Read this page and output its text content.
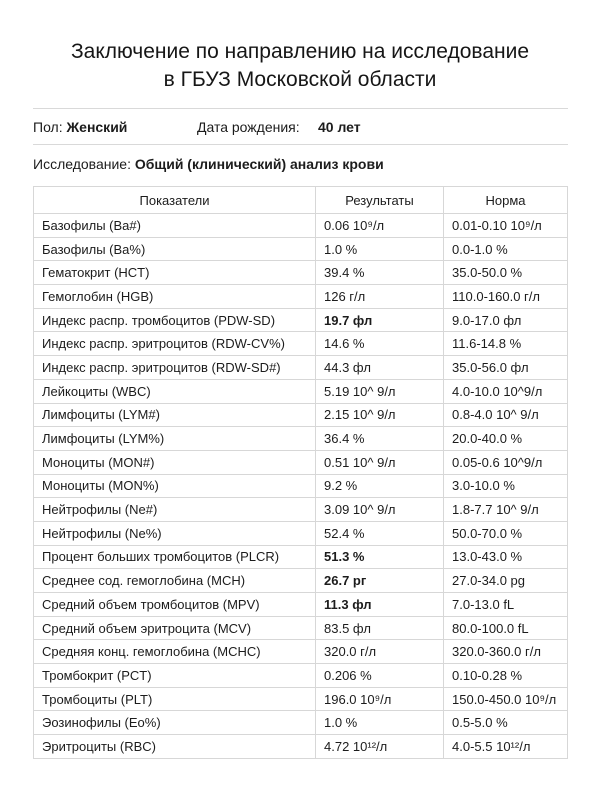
Заключение по направлению на исследование
в ГБУЗ Московской области
Пол: Женский	Дата рождения: 40 лет
Исследование: Общий (клинический) анализ крови
Показатели	Результаты	Норма
Базофилы (Ba#)	0.06 10⁹/л	0.01-0.10 10⁹/л
Базофилы (Ba%)	1.0 %	0.0-1.0 %
Гематокрит (HCT)	39.4 %	35.0-50.0 %
Гемоглобин (HGB)	126 г/л	110.0-160.0 г/л
Индекс распр. тромбоцитов (PDW-SD)	19.7 фл	9.0-17.0 фл
Индекс распр. эритроцитов (RDW-CV%)	14.6 %	11.6-14.8 %
Индекс распр. эритроцитов (RDW-SD#)	44.3 фл	35.0-56.0 фл
Лейкоциты (WBC)	5.19 10^ 9/л	4.0-10.0 10^9/л
Лимфоциты (LYM#)	2.15 10^ 9/л	0.8-4.0 10^ 9/л
Лимфоциты (LYM%)	36.4 %	20.0-40.0 %
Моноциты (MON#)	0.51 10^ 9/л	0.05-0.6 10^9/л
Моноциты (MON%)	9.2 %	3.0-10.0 %
Нейтрофилы (Ne#)	3.09 10^ 9/л	1.8-7.7 10^ 9/л
Нейтрофилы (Ne%)	52.4 %	50.0-70.0 %
Процент больших тромбоцитов (PLCR)	51.3 %	13.0-43.0 %
Среднее сод. гемоглобина (MCH)	26.7 рг	27.0-34.0 pg
Средний объем тромбоцитов (MPV)	11.3 фл	7.0-13.0 fL
Средний объем эритроцита (MCV)	83.5 фл	80.0-100.0 fL
Средняя конц. гемоглобина (MCHC)	320.0 г/л	320.0-360.0 г/л
Тромбокрит (PCT)	0.206 %	0.10-0.28 %
Тромбоциты (PLT)	196.0 10⁹/л	150.0-450.0 10⁹/л
Эозинофилы (Eo%)	1.0 %	0.5-5.0 %
Эритроциты (RBC)	4.72 10¹²/л	4.0-5.5 10¹²/л
